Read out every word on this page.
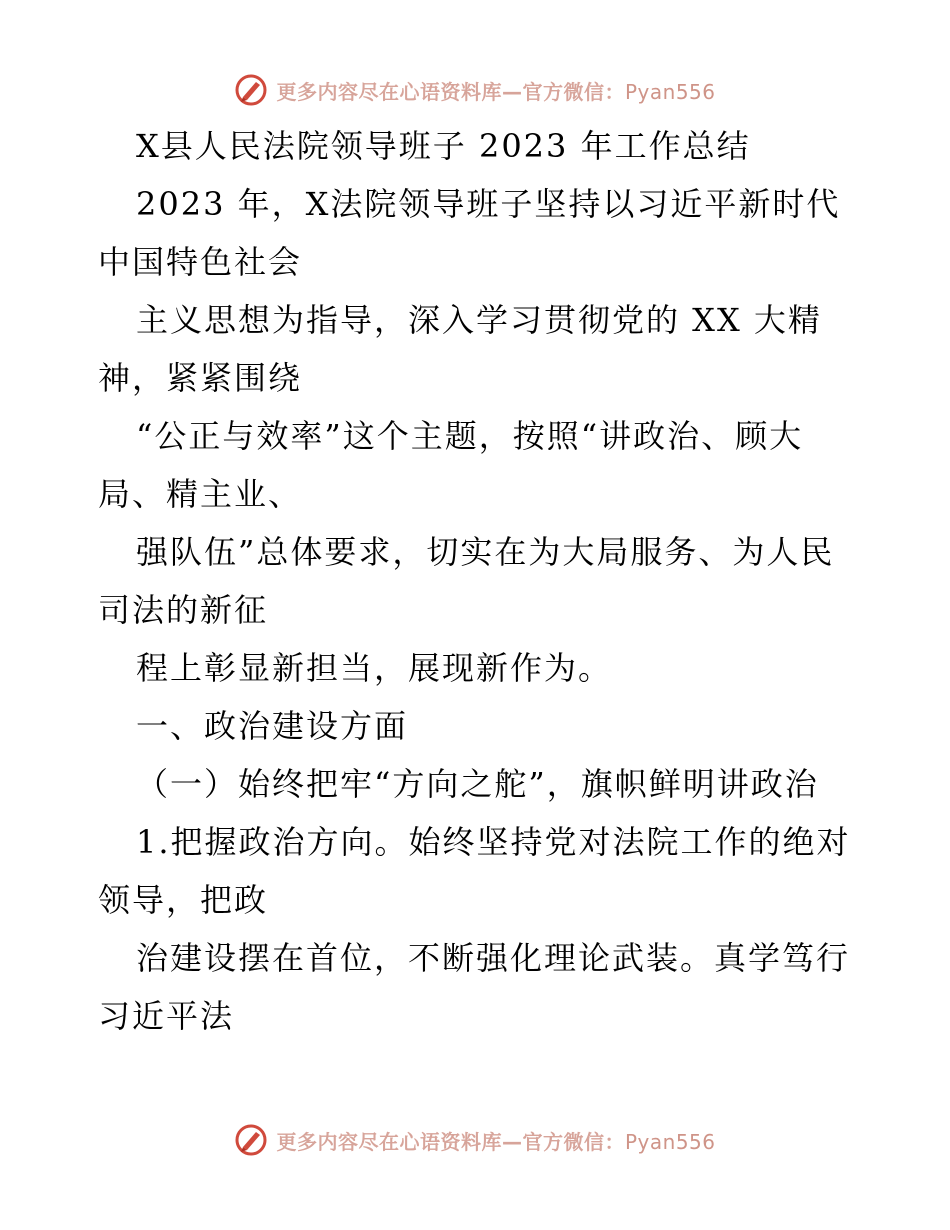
更多内容尽在心语资料库—官方微信：Pyan556
X县人民法院领导班子 2023 年工作总结
2023 年，X法院领导班子坚持以习近平新时代
中国特色社会
主义思想为指导，深入学习贯彻党的 XX 大精
神，紧紧围绕
“公正与效率”这个主题，按照“讲政治、顾大
局、精主业、
强队伍”总体要求，切实在为大局服务、为人民
司法的新征
程上彰显新担当，展现新作为。
一、政治建设方面
（一）始终把牢“方向之舵”，旗帜鲜明讲政治
1.把握政治方向。始终坚持党对法院工作的绝对
领导，把政
治建设摆在首位，不断强化理论武装。真学笃行
习近平法
更多内容尽在心语资料库—官方微信：Pyan556
